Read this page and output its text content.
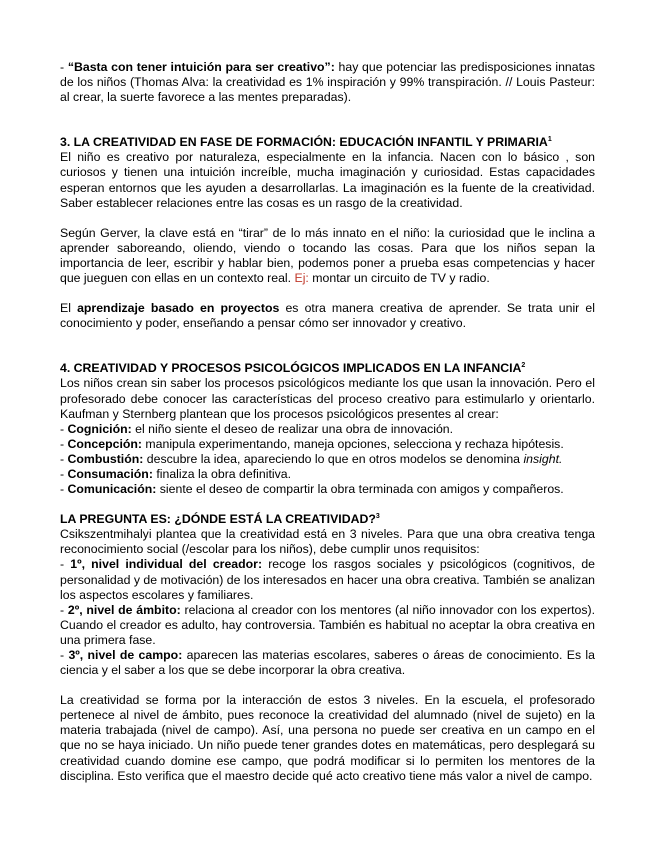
- “Basta con tener intuición para ser creativo”: hay que potenciar las predisposiciones innatas de los niños (Thomas Alva: la creatividad es 1% inspiración y 99% transpiración. // Louis Pasteur: al crear, la suerte favorece a las mentes preparadas).

3. LA CREATIVIDAD EN FASE DE FORMACIÓN: EDUCACIÓN INFANTIL Y PRIMARIA$^1$

El niño es creativo por naturaleza, especialmente en la infancia. Nacen con lo básico , son curiosos y tienen una intuición increíble, mucha imaginación y curiosidad. Estas capacidades esperan entornos que les ayuden a desarrollarlas. La imaginación es la fuente de la creatividad. Saber establecer relaciones entre las cosas es un rasgo de la creatividad.

Según Gerver, la clave está en “tirar” de lo más innato en el niño: la curiosidad que le inclina a aprender saboreando, oliendo, viendo o tocando las cosas. Para que los niños sepan la importancia de leer, escribir y hablar bien, podemos poner a prueba esas competencias y hacer que jueguen con ellas en un contexto real. Ej: montar un circuito de TV y radio.

El aprendizaje basado en proyectos es otra manera creativa de aprender. Se trata unir el conocimiento y poder, enseñando a pensar cómo ser innovador y creativo.

4. CREATIVIDAD Y PROCESOS PSICOLÓGICOS IMPLICADOS EN LA INFANCIA$^2$

Los niños crean sin saber los procesos psicológicos mediante los que usan la innovación. Pero el profesorado debe conocer las características del proceso creativo para estimularlo y orientarlo. Kaufman y Sternberg plantean que los procesos psicológicos presentes al crear:

- Cognición: el niño siente el deseo de realizar una obra de innovación.

- Concepción: manipula experimentando, maneja opciones, selecciona y rechaza hipótesis.

- Combustión: descubre la idea, apareciendo lo que en otros modelos se denomina insight.

- Consumación: finaliza la obra definitiva.

- Comunicación: siente el deseo de compartir la obra terminada con amigos y compañeros.

LA PREGUNTA ES: ¿DÓNDE ESTÁ LA CREATIVIDAD?$^3$

Csikszentmihalyi plantea que la creatividad está en 3 niveles. Para que una obra creativa tenga reconocimiento social (/escolar para los niños), debe cumplir unos requisitos:

- 1º, nivel individual del creador: recoge los rasgos sociales y psicológicos (cognitivos, de personalidad y de motivación) de los interesados en hacer una obra creativa. También se analizan los aspectos escolares y familiares.

- 2º, nivel de ámbito: relaciona al creador con los mentores (al niño innovador con los expertos). Cuando el creador es adulto, hay controversia. También es habitual no aceptar la obra creativa en una primera fase.

- 3º, nivel de campo: aparecen las materias escolares, saberes o áreas de conocimiento. Es la ciencia y el saber a los que se debe incorporar la obra creativa.

La creatividad se forma por la interacción de estos 3 niveles. En la escuela, el profesorado pertenece al nivel de ámbito, pues reconoce la creatividad del alumnado (nivel de sujeto) en la materia trabajada (nivel de campo). Así, una persona no puede ser creativa en un campo en el que no se haya iniciado. Un niño puede tener grandes dotes en matemáticas, pero desplegará su creatividad cuando domine ese campo, que podrá modificar si lo permiten los mentores de la disciplina. Esto verifica que el maestro decide qué acto creativo tiene más valor a nivel de campo.
